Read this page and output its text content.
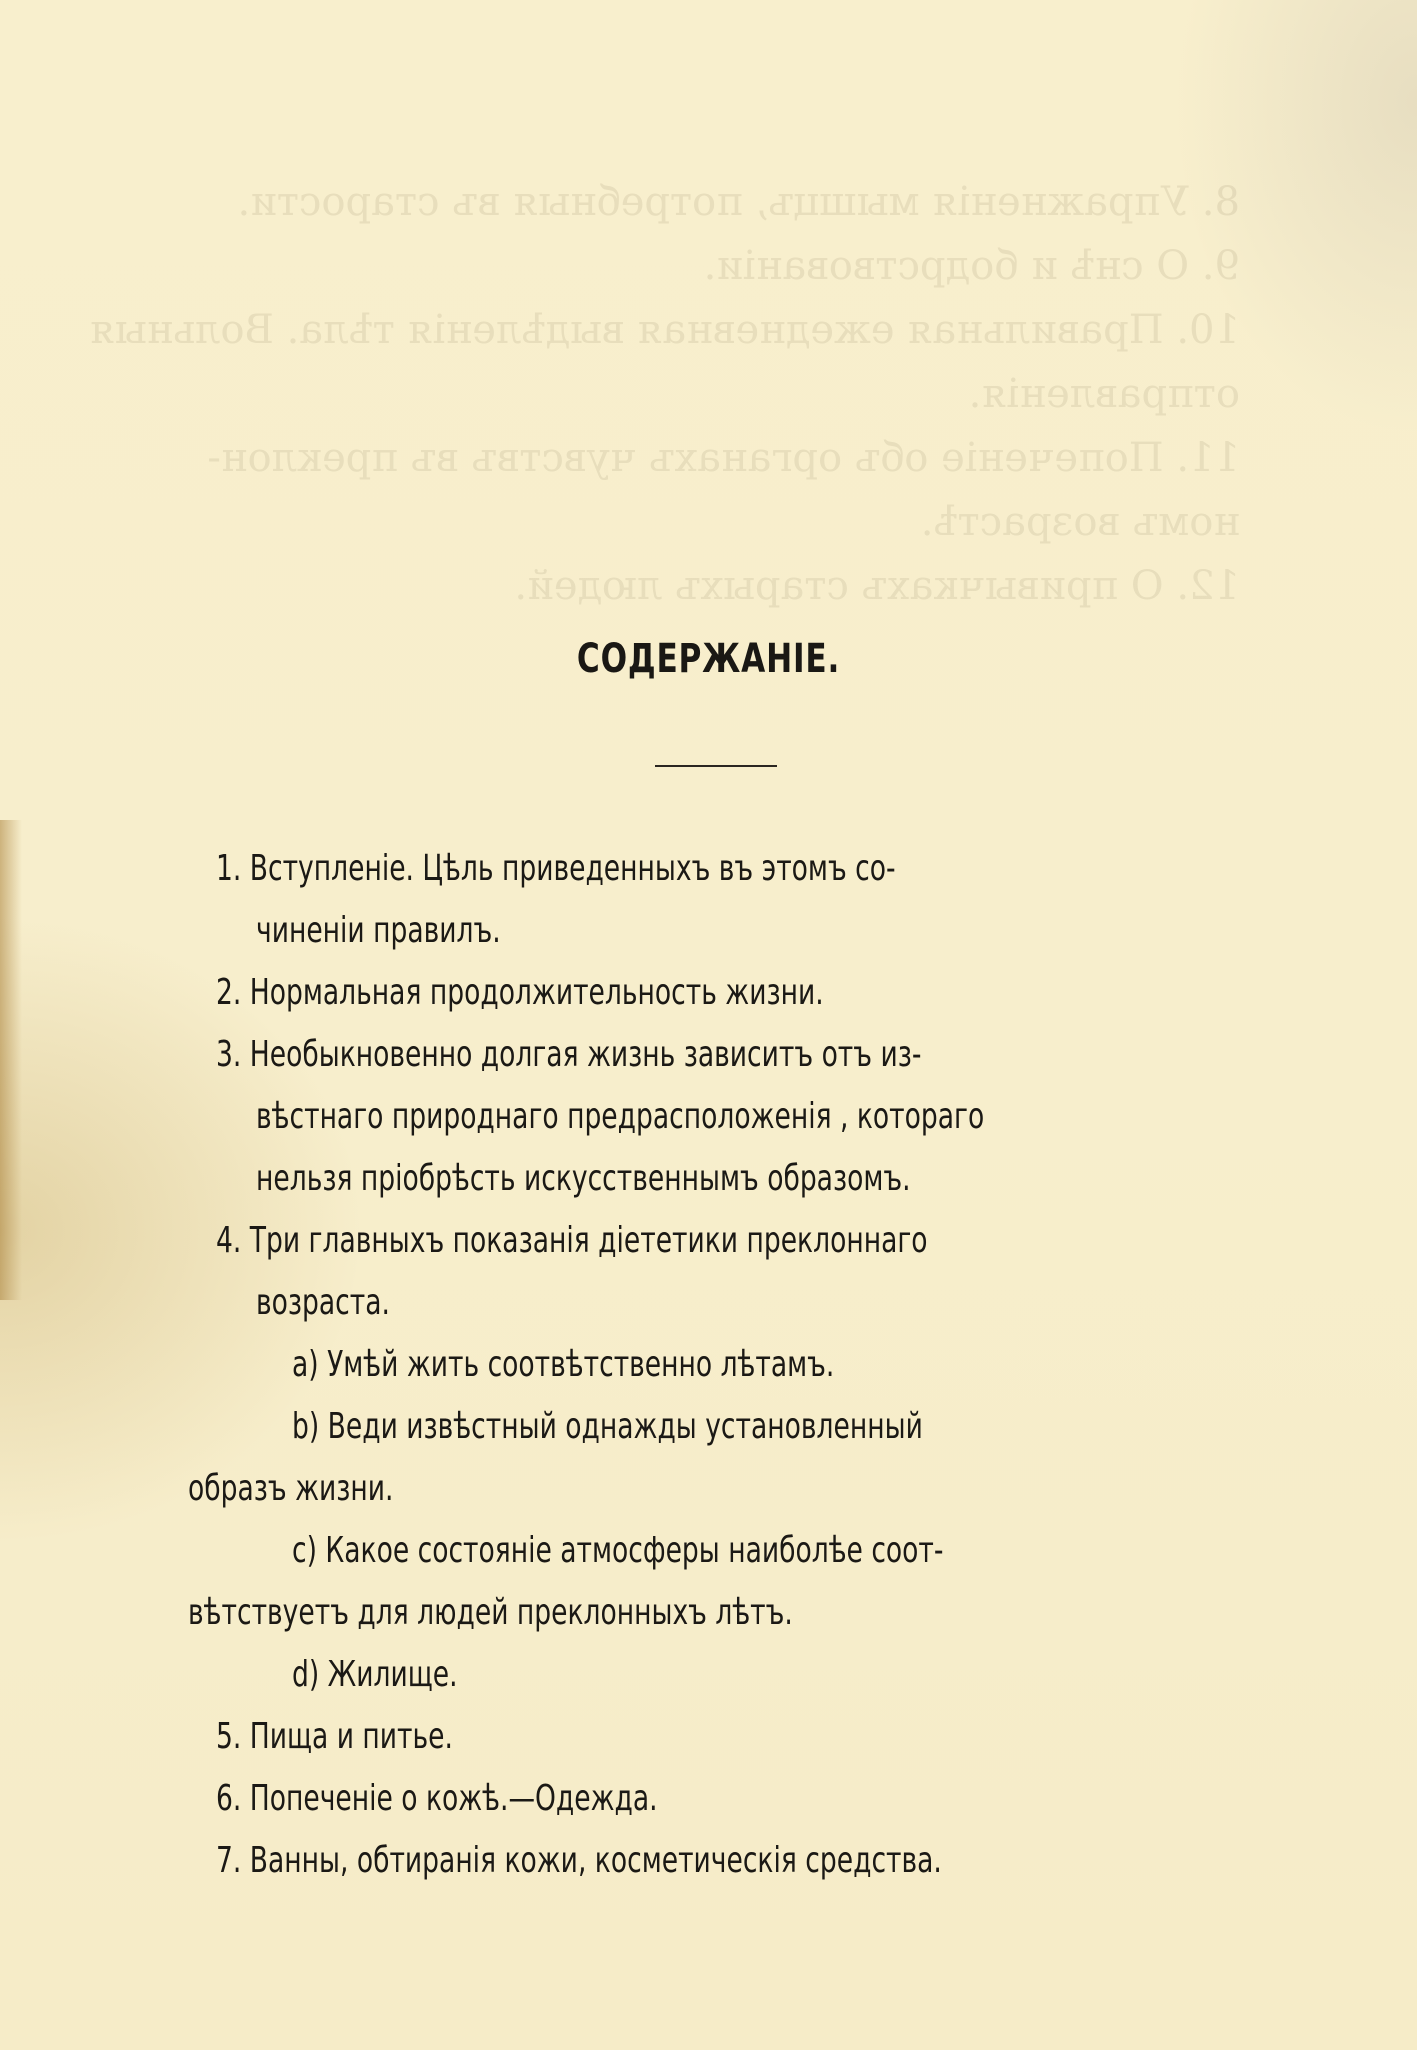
8. Упражненія мышцъ, потребныя въ старости.
9. О снѣ и бодрствованіи.
10. Правильная ежедневная выдѣленія тѣла. Вольныя
отправленія.
11. Попеченіе объ органахъ чувствъ въ преклон-
номъ возрастѣ.
12. О привычкахъ старыхъ людей.
СОДЕРЖАНІЕ.
1. Вступленіе. Цѣль приведенныхъ въ этомъ со-
чиненіи правилъ.
2. Нормальная продолжительность жизни.
3. Необыкновенно долгая жизнь зависитъ отъ из-
вѣстнаго природнаго предрасположенія , котораго
нельзя пріобрѣсть искусственнымъ образомъ.
4. Три главныхъ показанія діететики преклоннаго
возраста.
а) Умѣй жить соотвѣтственно лѣтамъ.
b) Веди извѣстный однажды установленный
образъ жизни.
с) Какое состояніе атмосферы наиболѣе соот-
вѣтствуетъ для людей преклонныхъ лѣтъ.
d) Жилище.
5. Пища и питье.
6. Попеченіе о кожѣ.—Одежда.
7. Ванны, обтиранія кожи, косметическія средства.
